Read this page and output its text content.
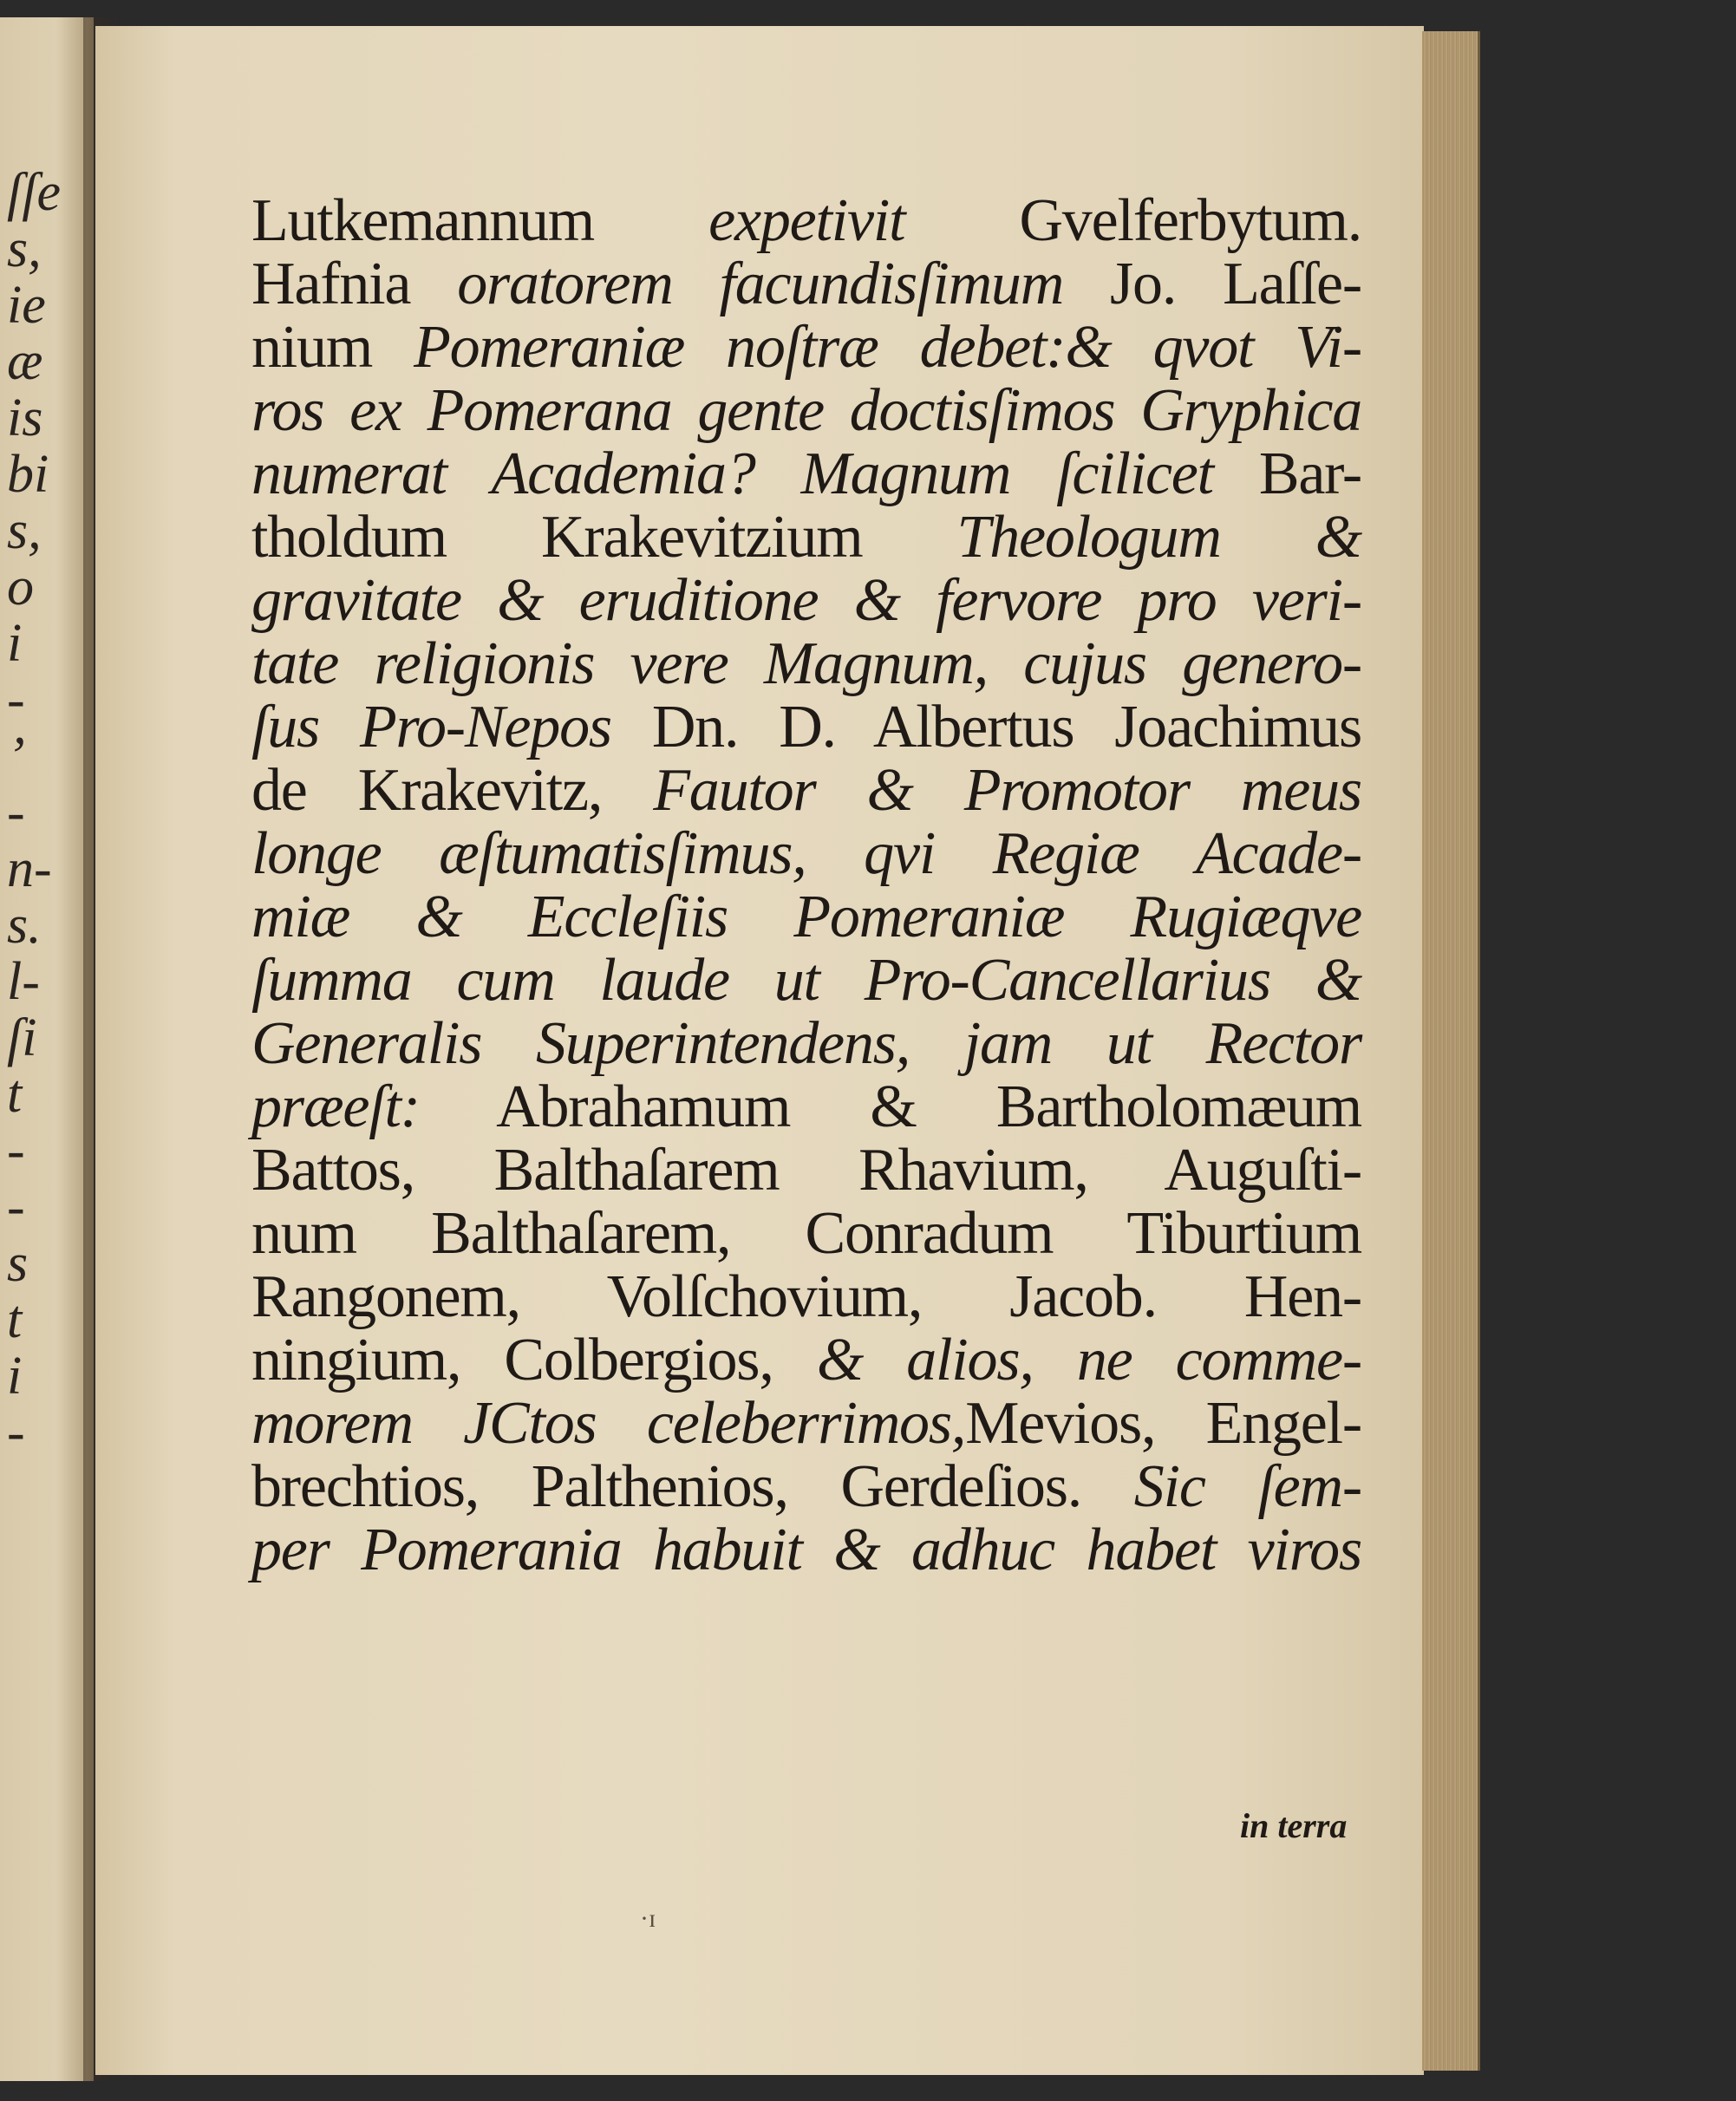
ſſe
s,
ie
æ
is
bi
s,
o
i
-
ʼ
-
n-
s.
l-
ſi
t
-
-
s
t
i
-
Lutkemannum expetivit Gvelferbytum.
Hafnia oratorem facundisſimum Jo. Laſſe-
nium Pomeraniæ noſtræ debet:& qvot Vi-
ros ex Pomerana gente doctisſimos Gryphica
numerat Academia? Magnum ſcilicet Bar-
tholdum Krakevitzium Theologum &
gravitate & eruditione & fervore pro veri-
tate religionis vere Magnum, cujus genero-
ſus Pro-Nepos Dn. D. Albertus Joachimus
de Krakevitz, Fautor & Promotor meus
longe æſtumatisſimus, qvi Regiæ Acade-
miæ & Eccleſiis Pomeraniæ Rugiæqve
ſumma cum laude ut Pro-Cancellarius &
Generalis Superintendens, jam ut Rector
præeſt: Abrahamum & Bartholomæum
Battos, Balthaſarem Rhavium, Auguſti-
num Balthaſarem, Conradum Tiburtium
Rangonem, Volſchovium, Jacob. Hen-
ningium, Colbergios, & alios, ne comme-
morem JCtos celeberrimos,Mevios, Engel-
brechtios, Palthenios, Gerdeſios. Sic ſem-
per Pomerania habuit & adhuc habet viros
in terra
·ɪ
